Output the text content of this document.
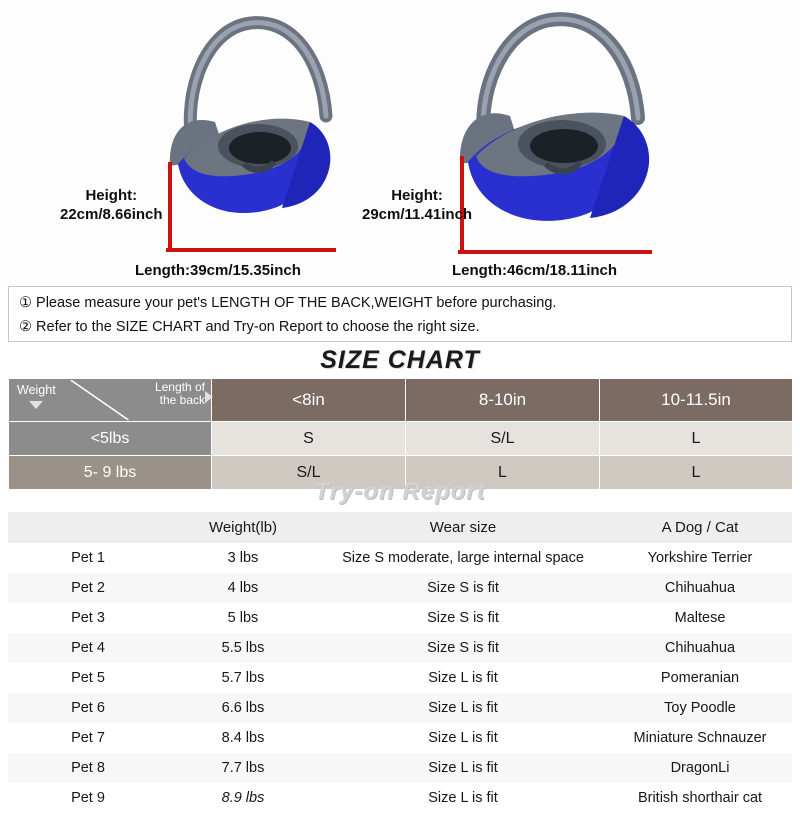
Height:
22cm/8.66inch
Height:
29cm/11.41inch
Length:39cm/15.35inch	Length:46cm/18.11inch
① Please measure your pet's LENGTH OF THE BACK,WEIGHT before purchasing.
② Refer to the SIZE CHART and Try-on Report to choose the right size.
SIZE CHART
Weight Length of
the back	<8in	8-10in	10-11.5in
<5lbs	S	S/L	L
5- 9 lbs	S/L	L	L
Try-on Report
	Weight(lb)	Wear size	A Dog / Cat
Pet 1	3 lbs	Size S moderate, large internal space	Yorkshire Terrier
Pet 2	4 lbs	Size S is fit	Chihuahua
Pet 3	5 lbs	Size S is fit	Maltese
Pet 4	5.5 lbs	Size S is fit	Chihuahua
Pet 5	5.7 lbs	Size L is fit	Pomeranian
Pet 6	6.6 lbs	Size L is fit	Toy Poodle
Pet 7	8.4 lbs	Size L is fit	Miniature Schnauzer
Pet 8	7.7 lbs	Size L is fit	DragonLi
Pet 9	8.9 lbs	Size L is fit	British shorthair cat
